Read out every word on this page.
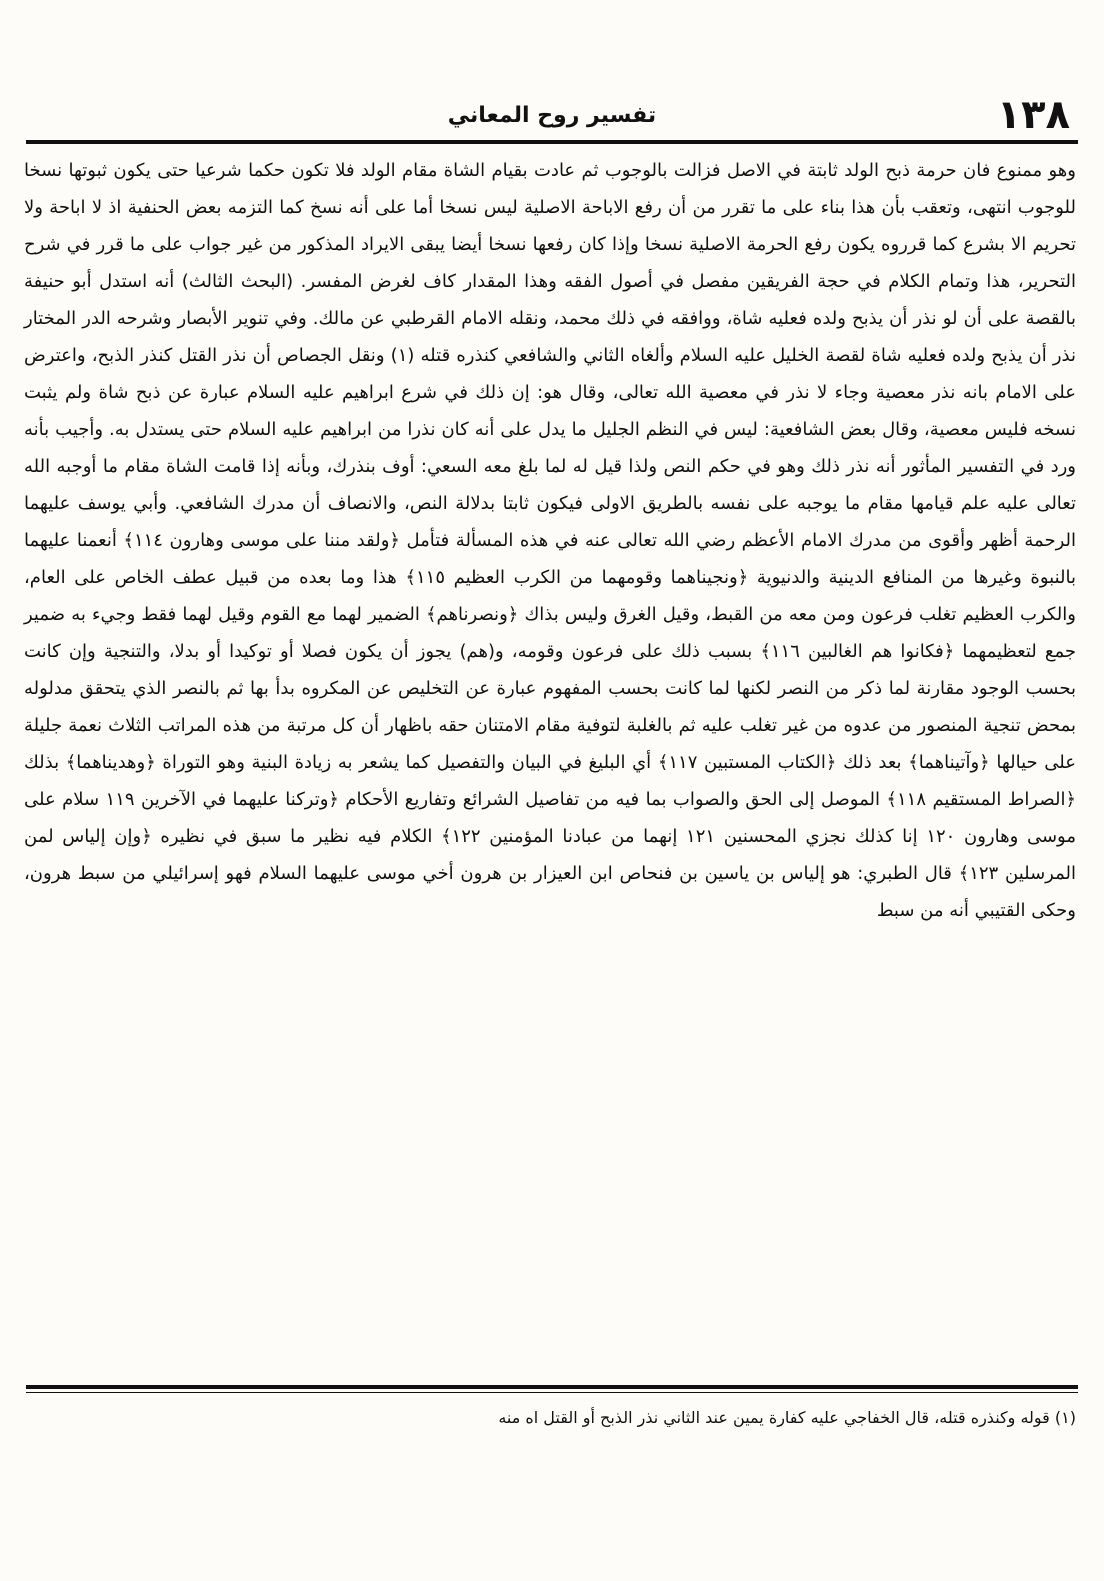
١٣٨
تفسير روح المعاني

وهو ممنوع فان حرمة ذبح الولد ثابتة في الاصل فزالت بالوجوب ثم عادت بقيام الشاة مقام الولد فلا تكون حكما شرعيا حتى يكون ثبوتها نسخا للوجوب انتهى، وتعقب بأن هذا بناء على ما تقرر من أن رفع الاباحة الاصلية ليس نسخا أما على أنه نسخ كما التزمه بعض الحنفية اذ لا اباحة ولا تحريم الا بشرع كما قرروه يكون رفع الحرمة الاصلية نسخا وإذا كان رفعها نسخا أيضا يبقى الايراد المذكور من غير جواب على ما قرر في شرح التحرير، هذا وتمام الكلام في حجة الفريقين مفصل في أصول الفقه وهذا المقدار كاف لغرض المفسر. (البحث الثالث) أنه استدل أبو حنيفة بالقصة على أن لو نذر أن يذبح ولده فعليه شاة، ووافقه في ذلك محمد، ونقله الامام القرطبي عن مالك. وفي تنوير الأبصار وشرحه الدر المختار نذر أن يذبح ولده فعليه شاة لقصة الخليل عليه السلام وألغاه الثاني والشافعي كنذره قتله (١) ونقل الجصاص أن نذر القتل كنذر الذبح، واعترض على الامام بانه نذر معصية وجاء لا نذر في معصية الله تعالى، وقال هو: إن ذلك في شرع ابراهيم عليه السلام عبارة عن ذبح شاة ولم يثبت نسخه فليس معصية، وقال بعض الشافعية: ليس في النظم الجليل ما يدل على أنه كان نذرا من ابراهيم عليه السلام حتى يستدل به. وأجيب بأنه ورد في التفسير المأثور أنه نذر ذلك وهو في حكم النص ولذا قيل له لما بلغ معه السعي: أوف بنذرك، وبأنه إذا قامت الشاة مقام ما أوجبه الله تعالى عليه علم قيامها مقام ما يوجبه على نفسه بالطريق الاولى فيكون ثابتا بدلالة النص، والانصاف أن مدرك الشافعي. وأبي يوسف عليهما الرحمة أظهر وأقوى من مدرك الامام الأعظم رضي الله تعالى عنه في هذه المسألة فتأمل ﴿ولقد مننا على موسى وهارون ١١٤﴾ أنعمنا عليهما بالنبوة وغيرها من المنافع الدينية والدنيوية ﴿ونجيناهما وقومهما من الكرب العظيم ١١٥﴾ هذا وما بعده من قبيل عطف الخاص على العام، والكرب العظيم تغلب فرعون ومن معه من القبط، وقيل الغرق وليس بذاك ﴿ونصرناهم﴾ الضمير لهما مع القوم وقيل لهما فقط وجيء به ضمير جمع لتعظيمهما ﴿فكانوا هم الغالبين ١١٦﴾ بسبب ذلك على فرعون وقومه، و(هم) يجوز أن يكون فصلا أو توكيدا أو بدلا، والتنجية وإن كانت بحسب الوجود مقارنة لما ذكر من النصر لكنها لما كانت بحسب المفهوم عبارة عن التخليص عن المكروه بدأ بها ثم بالنصر الذي يتحقق مدلوله بمحض تنجية المنصور من عدوه من غير تغلب عليه ثم بالغلبة لتوفية مقام الامتنان حقه باظهار أن كل مرتبة من هذه المراتب الثلاث نعمة جليلة على حيالها ﴿وآتيناهما﴾ بعد ذلك ﴿الكتاب المستبين ١١٧﴾ أي البليغ في البيان والتفصيل كما يشعر به زيادة البنية وهو التوراة ﴿وهديناهما﴾ بذلك ﴿الصراط المستقيم ١١٨﴾ الموصل إلى الحق والصواب بما فيه من تفاصيل الشرائع وتفاريع الأحكام ﴿وتركنا عليهما في الآخرين ١١٩ سلام على موسى وهارون ١٢٠ إنا كذلك نجزي المحسنين ١٢١ إنهما من عبادنا المؤمنين ١٢٢﴾ الكلام فيه نظير ما سبق في نظيره ﴿وإن إلياس لمن المرسلين ١٢٣﴾ قال الطبري: هو إلياس بن ياسين بن فنحاص ابن العيزار بن هرون أخي موسى عليهما السلام فهو إسرائيلي من سبط هرون، وحكى القتيبي أنه من سبط

(١) قوله وكنذره قتله، قال الخفاجي عليه كفارة يمين عند الثاني نذر الذبح أو القتل اه منه
